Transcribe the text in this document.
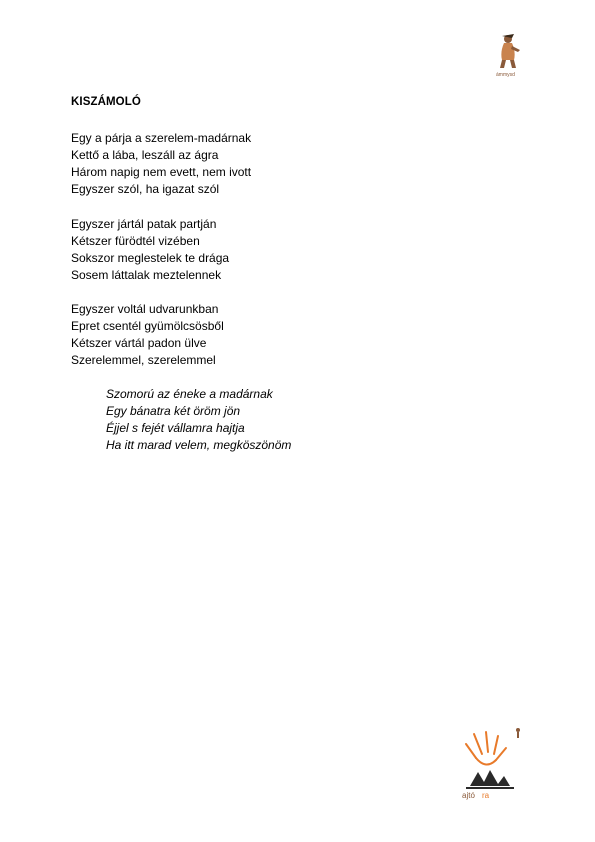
ámmysd
KISZÁMOLÓ
Egy a párja a szerelem-madárnak
Kettő a lába, leszáll az ágra
Három napig nem evett, nem ivott
Egyszer szól, ha igazat szól
Egyszer jártál patak partján
Kétszer fürödtél vizében
Sokszor meglestelek te drága
Sosem láttalak meztelennek
Egyszer voltál udvarunkban
Epret csentél gyümölcsösből
Kétszer vártál padon ülve
Szerelemmel, szerelemmel
Szomorú az éneke a madárnak
Egy bánatra két öröm jön
Éjjel s fejét vállamra hajtja
Ha itt marad velem, megköszönöm
ajtó ra
